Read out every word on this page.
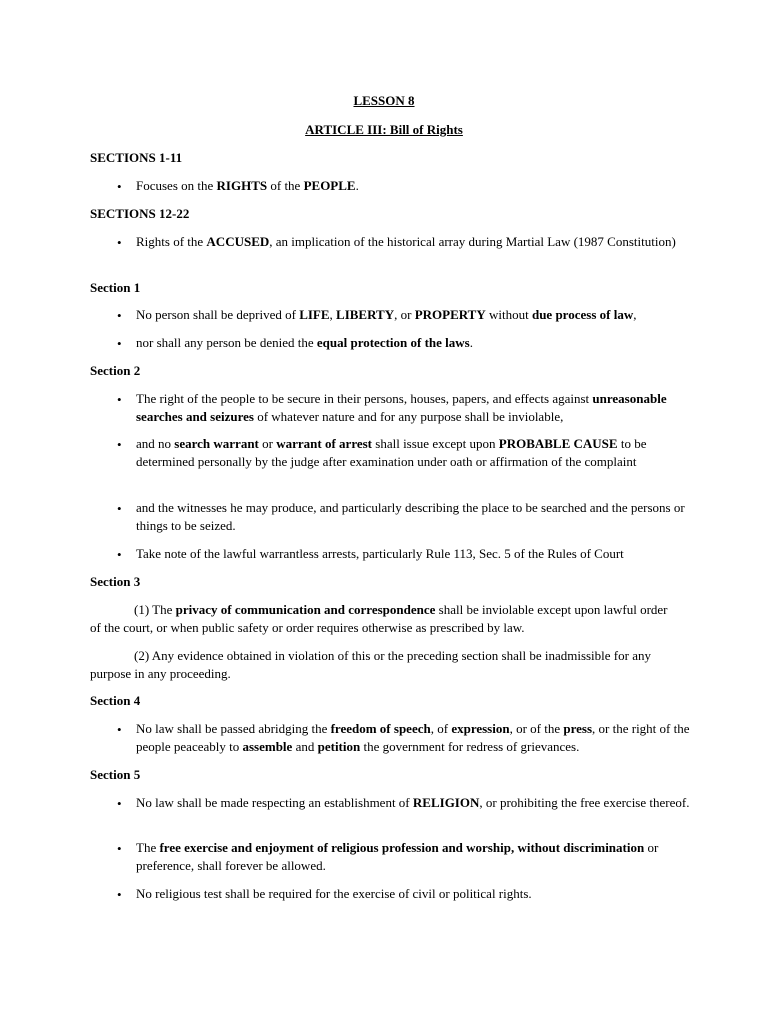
LESSON 8
ARTICLE III: Bill of Rights
SECTIONS 1-11
• Focuses on the RIGHTS of the PEOPLE.
SECTIONS 12-22
• Rights of the ACCUSED, an implication of the historical array during Martial Law (1987 Constitution)
Section 1
• No person shall be deprived of LIFE, LIBERTY, or PROPERTY without due process of law,
• nor shall any person be denied the equal protection of the laws.
Section 2
• The right of the people to be secure in their persons, houses, papers, and effects against unreasonable searches and seizures of whatever nature and for any purpose shall be inviolable,
• and no search warrant or warrant of arrest shall issue except upon PROBABLE CAUSE to be determined personally by the judge after examination under oath or affirmation of the complaint
• and the witnesses he may produce, and particularly describing the place to be searched and the persons or things to be seized.
• Take note of the lawful warrantless arrests, particularly Rule 113, Sec. 5 of the Rules of Court
Section 3
(1) The privacy of communication and correspondence shall be inviolable except upon lawful order of the court, or when public safety or order requires otherwise as prescribed by law.
(2) Any evidence obtained in violation of this or the preceding section shall be inadmissible for any purpose in any proceeding.
Section 4
• No law shall be passed abridging the freedom of speech, of expression, or of the press, or the right of the people peaceably to assemble and petition the government for redress of grievances.
Section 5
• No law shall be made respecting an establishment of RELIGION, or prohibiting the free exercise thereof.
• The free exercise and enjoyment of religious profession and worship, without discrimination or preference, shall forever be allowed.
• No religious test shall be required for the exercise of civil or political rights.
